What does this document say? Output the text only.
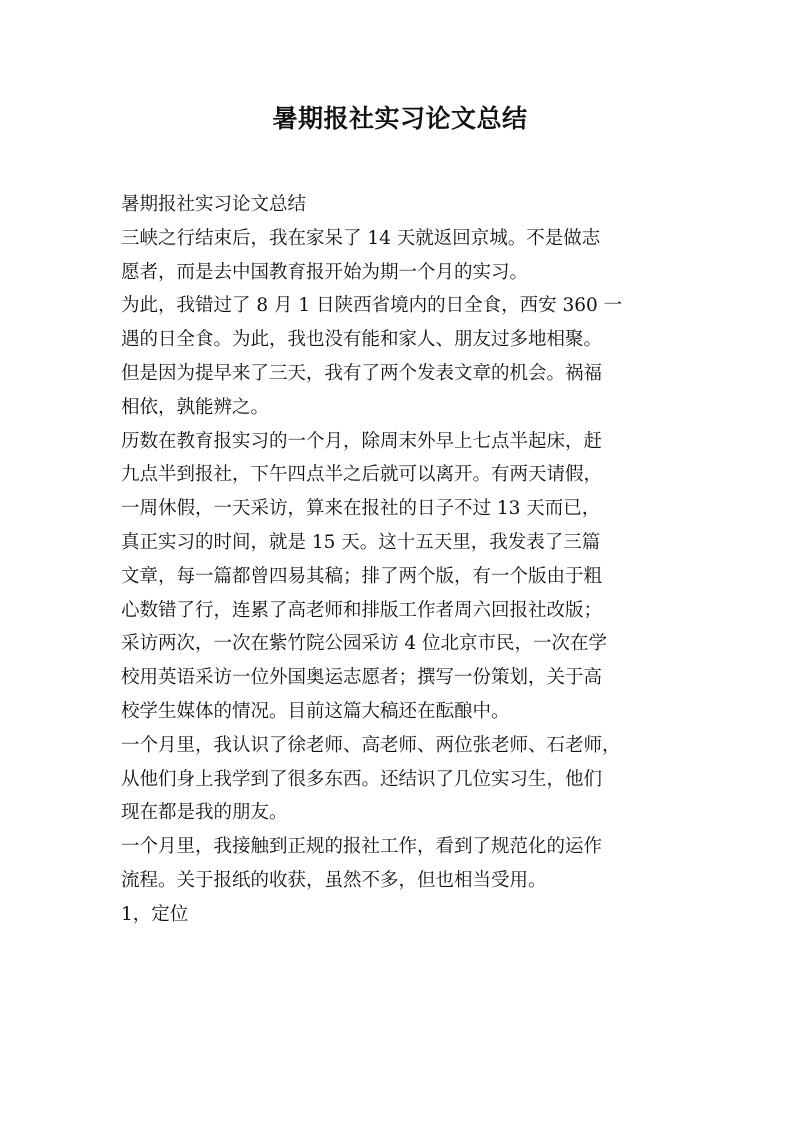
暑期报社实习论文总结
暑期报社实习论文总结
三峡之行结束后，我在家呆了 14 天就返回京城。不是做志
愿者，而是去中国教育报开始为期一个月的实习。
为此，我错过了 8 月 1 日陕西省境内的日全食，西安 360 一
遇的日全食。为此，我也没有能和家人、朋友过多地相聚。
但是因为提早来了三天，我有了两个发表文章的机会。祸福
相依，孰能辨之。
历数在教育报实习的一个月，除周末外早上七点半起床，赶
九点半到报社，下午四点半之后就可以离开。有两天请假，
一周休假，一天采访，算来在报社的日子不过 13 天而已，
真正实习的时间，就是 15 天。这十五天里，我发表了三篇
文章，每一篇都曾四易其稿；排了两个版，有一个版由于粗
心数错了行，连累了高老师和排版工作者周六回报社改版；
采访两次，一次在紫竹院公园采访 4 位北京市民，一次在学
校用英语采访一位外国奥运志愿者；撰写一份策划，关于高
校学生媒体的情况。目前这篇大稿还在酝酿中。
一个月里，我认识了徐老师、高老师、两位张老师、石老师，
从他们身上我学到了很多东西。还结识了几位实习生，他们
现在都是我的朋友。
一个月里，我接触到正规的报社工作，看到了规范化的运作
流程。关于报纸的收获，虽然不多，但也相当受用。
1，定位
